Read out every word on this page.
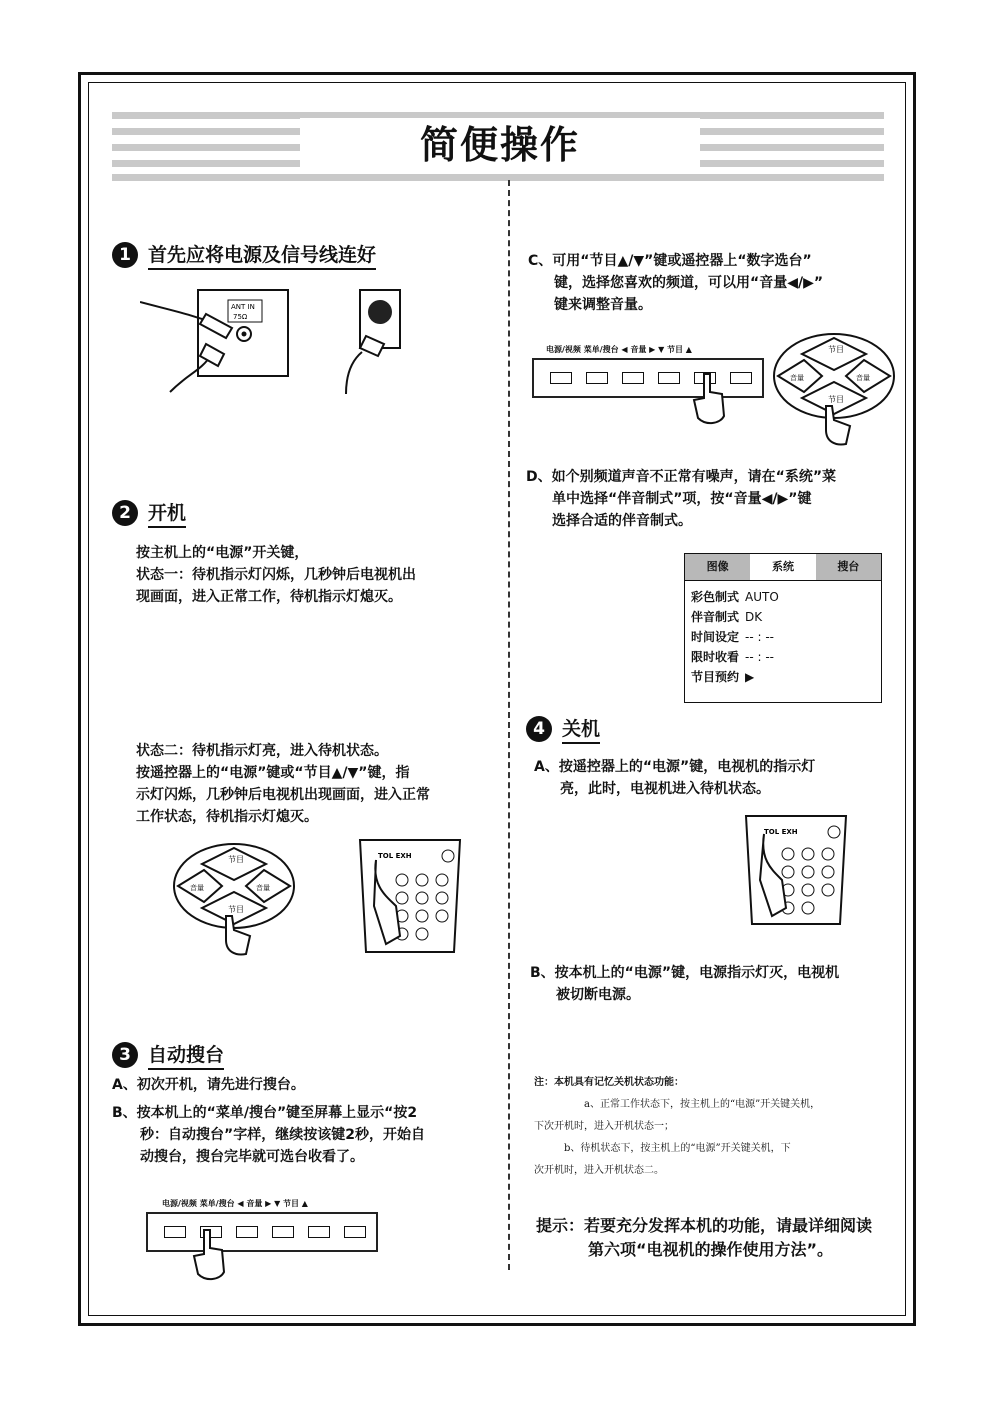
简便操作
1 首先应将电源及信号线连好
ANT IN
75Ω
2 开机
按主机上的“电源”开关键，
状态一：待机指示灯闪烁，几秒钟后电视机出
现画面，进入正常工作，待机指示灯熄灭。
状态二：待机指示灯亮，进入待机状态。
按遥控器上的“电源”键或“节目▲/▼”键，指
示灯闪烁，几秒钟后电视机出现画面，进入正常
工作状态，待机指示灯熄灭。
节目
节目
音量	音量
TOL EXH
3 自动搜台
A、初次开机，请先进行搜台。
B、按本机上的“菜单/搜台”键至屏幕上显示“按2
秒：自动搜台”字样，继续按该键2秒，开始自
动搜台，搜台完毕就可选台收看了。
电源/视频 菜单/搜台 ◀ 音量 ▶ ▼ 节目 ▲
C、可用“节目▲/▼”键或遥控器上“数字选台”
键，选择您喜欢的频道，可以用“音量◀/▶”
键来调整音量。
电源/视频 菜单/搜台 ◀ 音量 ▶ ▼ 节目 ▲	节目
节目
音量	音量
D、如个别频道声音不正常有噪声，请在“系统”菜
单中选择“伴音制式”项，按“音量◀/▶”键
选择合适的伴音制式。
图像	系统	搜台
彩色制式 AUTO
伴音制式 DK
时间设定 -- : --
限时收看 -- : --
节目预约 ▶
4 关机
A、按遥控器上的“电源”键，电视机的指示灯
亮，此时，电视机进入待机状态。
TOL EXH
B、按本机上的“电源”键，电源指示灯灭，电视机
被切断电源。
注：本机具有记忆关机状态功能：
a、正常工作状态下，按主机上的“电源”开关键关机，
下次开机时，进入开机状态一；
b、待机状态下，按主机上的“电源”开关键关机，下
次开机时，进入开机状态二。
提示：若要充分发挥本机的功能，请最详细阅读
第六项“电视机的操作使用方法”。
